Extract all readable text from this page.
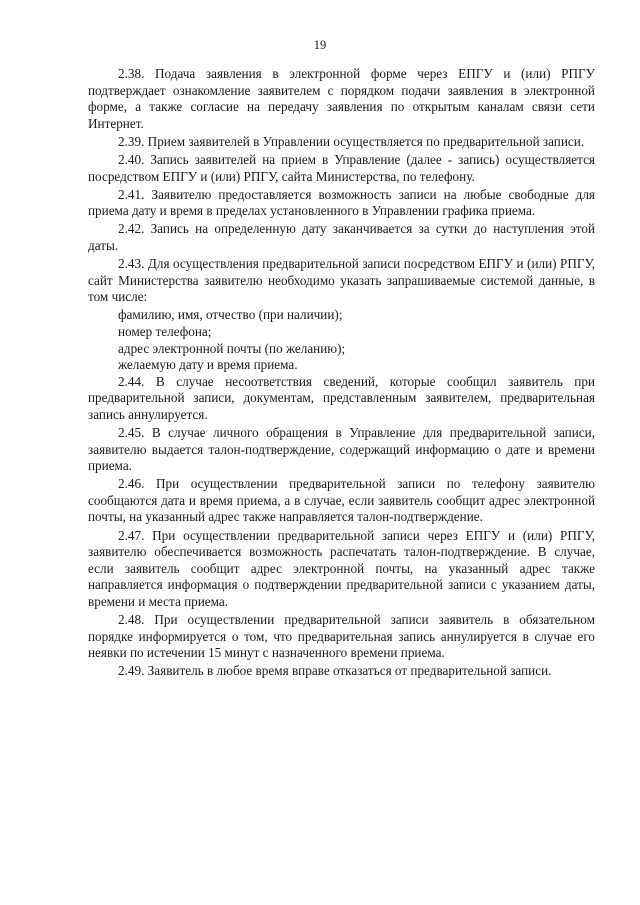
19

2.38. Подача заявления в электронной форме через ЕПГУ и (или) РПГУ подтверждает ознакомление заявителем с порядком подачи заявления в электронной форме, а также согласие на передачу заявления по открытым каналам связи сети Интернет.

2.39. Прием заявителей в Управлении осуществляется по предварительной записи.

2.40. Запись заявителей на прием в Управление (далее - запись) осуществляется посредством ЕПГУ и (или) РПГУ, сайта Министерства, по телефону.

2.41. Заявителю предоставляется возможность записи на любые свободные для приема дату и время в пределах установленного в Управлении графика приема.

2.42. Запись на определенную дату заканчивается за сутки до наступления этой даты.

2.43. Для осуществления предварительной записи посредством ЕПГУ и (или) РПГУ, сайт Министерства заявителю необходимо указать запрашиваемые системой данные, в том числе:

фамилию, имя, отчество (при наличии);

номер телефона;

адрес электронной почты (по желанию);

желаемую дату и время приема.

2.44. В случае несоответствия сведений, которые сообщил заявитель при предварительной записи, документам, представленным заявителем, предварительная запись аннулируется.

2.45. В случае личного обращения в Управление для предварительной записи, заявителю выдается талон-подтверждение, содержащий информацию о дате и времени приема.

2.46. При осуществлении предварительной записи по телефону заявителю сообщаются дата и время приема, а в случае, если заявитель сообщит адрес электронной почты, на указанный адрес также направляется талон-подтверждение.

2.47. При осуществлении предварительной записи через ЕПГУ и (или) РПГУ, заявителю обеспечивается возможность распечатать талон-подтверждение. В случае, если заявитель сообщит адрес электронной почты, на указанный адрес также направляется информация о подтверждении предварительной записи с указанием даты, времени и места приема.

2.48. При осуществлении предварительной записи заявитель в обязательном порядке информируется о том, что предварительная запись аннулируется в случае его неявки по истечении 15 минут с назначенного времени приема.

2.49. Заявитель в любое время вправе отказаться от предварительной записи.
